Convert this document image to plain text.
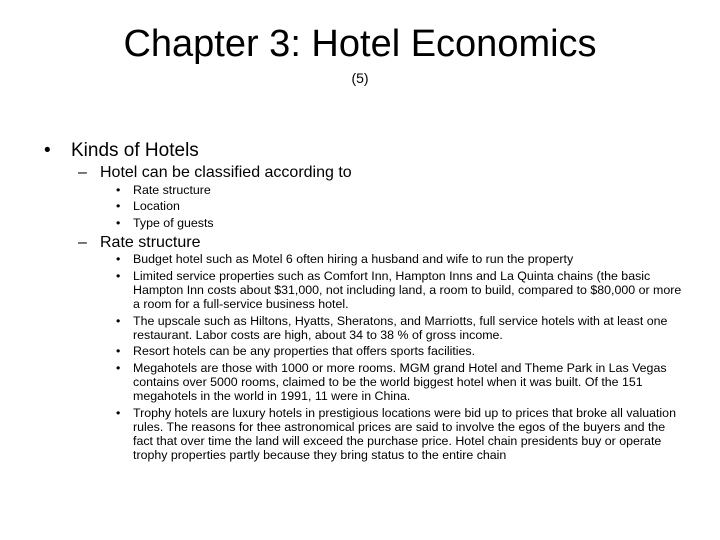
Chapter 3: Hotel Economics
(5)
•	Kinds of Hotels
– Hotel can be classified according to
• Rate structure
• Location
• Type of guests
– Rate structure
• Budget hotel such as Motel 6 often hiring a husband and wife to run the property
• Limited service properties such as Comfort Inn, Hampton Inns and La Quinta chains (the basic Hampton Inn costs about $31,000, not including land, a room to build, compared to $80,000 or more a room for a full-service business hotel.
• The upscale such as Hiltons, Hyatts, Sheratons, and Marriotts, full service hotels with at least one restaurant. Labor costs are high, about 34 to 38 % of gross income.
• Resort hotels can be any properties that offers sports facilities.
• Megahotels are those with 1000 or more rooms. MGM grand Hotel and Theme Park in Las Vegas contains over 5000 rooms, claimed to be the world biggest hotel when it was built. Of the 151 megahotels in the world in 1991, 11 were in China.
• Trophy hotels are luxury hotels in prestigious locations were bid up to prices that broke all valuation rules. The reasons for thee astronomical prices are said to involve the egos of the buyers and the fact that over time the land will exceed the purchase price. Hotel chain presidents buy or operate trophy properties partly because they bring status to the entire chain
